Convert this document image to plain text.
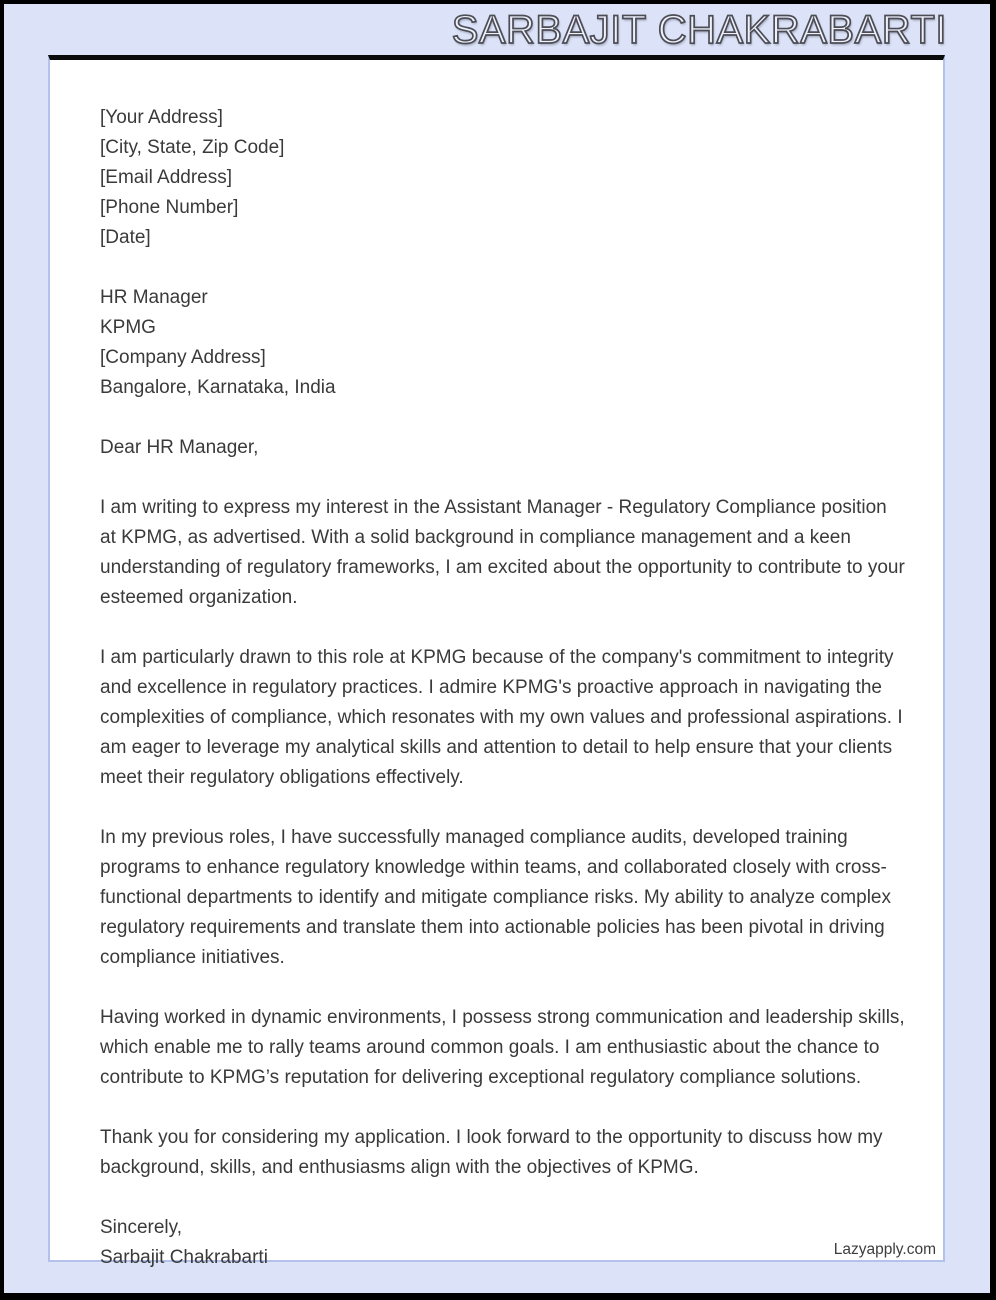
SARBAJIT CHAKRABARTI
[Your Address]
[City, State, Zip Code]
[Email Address]
[Phone Number]
[Date]
HR Manager
KPMG
[Company Address]
Bangalore, Karnataka, India
Dear HR Manager,

I am writing to express my interest in the Assistant Manager - Regulatory Compliance position at KPMG, as advertised. With a solid background in compliance management and a keen understanding of regulatory frameworks, I am excited about the opportunity to contribute to your esteemed organization.

I am particularly drawn to this role at KPMG because of the company's commitment to integrity and excellence in regulatory practices. I admire KPMG's proactive approach in navigating the complexities of compliance, which resonates with my own values and professional aspirations. I am eager to leverage my analytical skills and attention to detail to help ensure that your clients meet their regulatory obligations effectively.

In my previous roles, I have successfully managed compliance audits, developed training programs to enhance regulatory knowledge within teams, and collaborated closely with cross-functional departments to identify and mitigate compliance risks. My ability to analyze complex regulatory requirements and translate them into actionable policies has been pivotal in driving compliance initiatives.

Having worked in dynamic environments, I possess strong communication and leadership skills, which enable me to rally teams around common goals. I am enthusiastic about the chance to contribute to KPMG’s reputation for delivering exceptional regulatory compliance solutions.

Thank you for considering my application. I look forward to the opportunity to discuss how my background, skills, and enthusiasms align with the objectives of KPMG.

Sincerely,
Sarbajit Chakrabarti	Lazyapply.com
